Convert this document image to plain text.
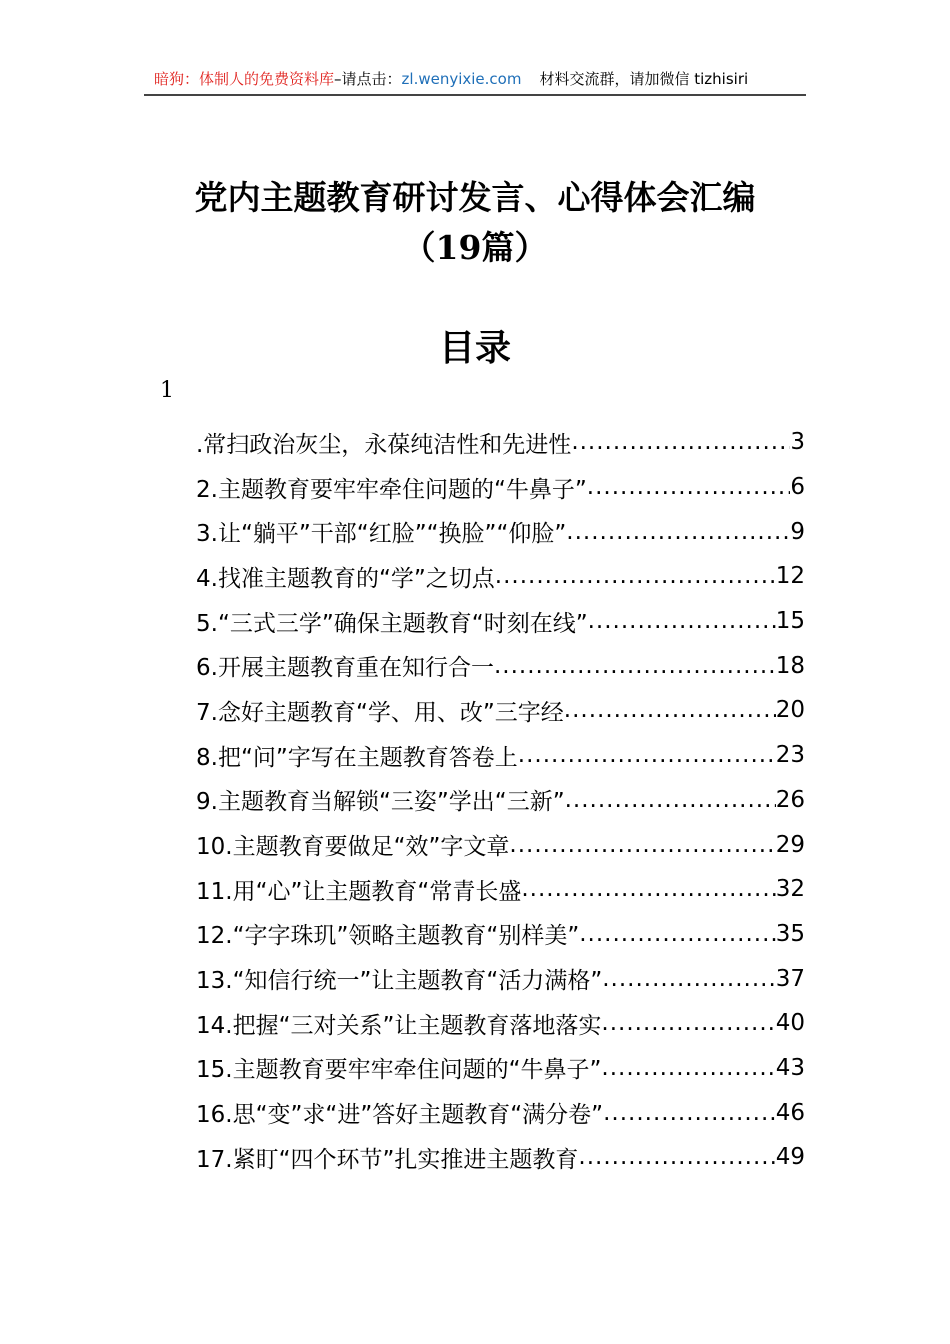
暗狗：体制人的免费资料库–请点击：zl.wenyixie.com 材料交流群，请加微信 tizhisiri
党内主题教育研讨发言、心得体会汇编
（19篇）
目录
1
.常扫政治灰尘，永葆纯洁性和先进性 .....	3
2.主题教育要牢牢牵住问题的“牛鼻子” .....	6
3.让“躺平”干部“红脸”“换脸”“仰脸” .....	9
4.找准主题教育的“学”之切点 .....	12
5.“三式三学”确保主题教育“时刻在线” .....	15
6.开展主题教育重在知行合一 .....	18
7.念好主题教育“学、用、改”三字经 .....	20
8.把“问”字写在主题教育答卷上 .....	23
9.主题教育当解锁“三姿”学出“三新” .....	26
10.主题教育要做足“效”字文章 .....	29
11.用“心”让主题教育“常青长盛 .....	32
12.“字字珠玑”领略主题教育“别样美” .....	35
13.“知信行统一”让主题教育“活力满格” .....	37
14.把握“三对关系”让主题教育落地落实 .....	40
15.主题教育要牢牢牵住问题的“牛鼻子” .....	43
16.思“变”求“进”答好主题教育“满分卷” .....	46
17.紧盯“四个环节”扎实推进主题教育 .....	49
